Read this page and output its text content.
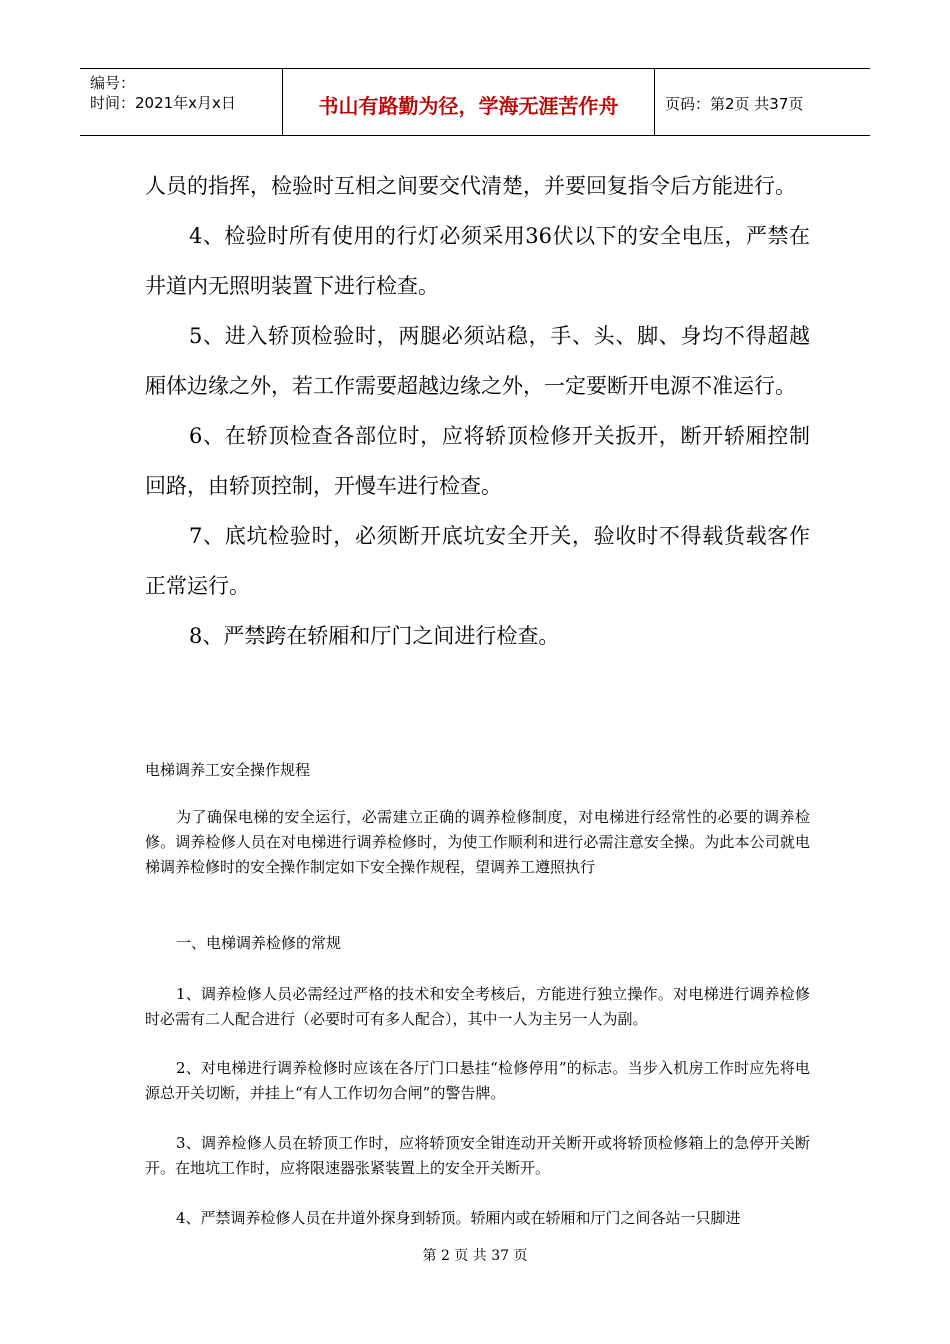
编号：
时间：2021年x月x日	书山有路勤为径，学海无涯苦作舟	页码：第2页 共37页

人员的指挥，检验时互相之间要交代清楚，并要回复指令后方能进行。

4、检验时所有使用的行灯必须采用36伏以下的安全电压，严禁在井道内无照明装置下进行检查。

5、进入轿顶检验时，两腿必须站稳，手、头、脚、身均不得超越厢体边缘之外，若工作需要超越边缘之外，一定要断开电源不准运行。

6、在轿顶检查各部位时，应将轿顶检修开关扳开，断开轿厢控制回路，由轿顶控制，开慢车进行检查。

7、底坑检验时，必须断开底坑安全开关，验收时不得载货载客作正常运行。

8、严禁跨在轿厢和厅门之间进行检查。

电梯调养工安全操作规程

为了确保电梯的安全运行，必需建立正确的调养检修制度，对电梯进行经常性的必要的调养检修。调养检修人员在对电梯进行调养检修时，为使工作顺利和进行必需注意安全操。为此本公司就电梯调养检修时的安全操作制定如下安全操作规程，望调养工遵照执行

一、电梯调养检修的常规

1、调养检修人员必需经过严格的技术和安全考核后，方能进行独立操作。对电梯进行调养检修时必需有二人配合进行（必要时可有多人配合），其中一人为主另一人为副。

2、对电梯进行调养检修时应该在各厅门口悬挂“检修停用”的标志。当步入机房工作时应先将电源总开关切断，并挂上“有人工作切勿合闸”的警告牌。

3、调养检修人员在轿顶工作时，应将轿顶安全钳连动开关断开或将轿顶检修箱上的急停开关断开。在地坑工作时，应将限速器张紧装置上的安全开关断开。

4、严禁调养检修人员在井道外探身到轿顶。轿厢内或在轿厢和厅门之间各站一只脚进

第 2 页 共 37 页
